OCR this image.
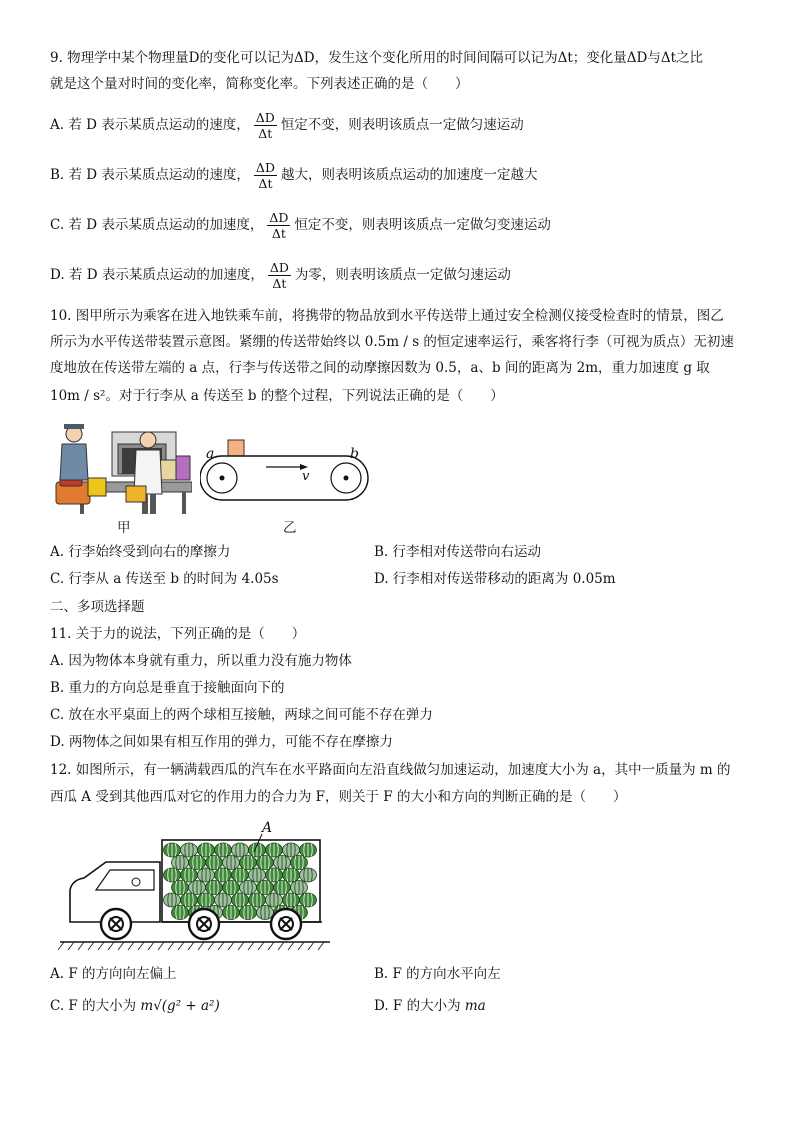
9. 物理学中某个物理量D的变化可以记为ΔD，发生这个变化所用的时间间隔可以记为Δt；变化量ΔD与Δt之比
就是这个量对时间的变化率，简称变化率。下列表述正确的是（　　）
A. 若 D 表示某质点运动的速度， $\frac{\Delta D}{\Delta t}$ 恒定不变，则表明该质点一定做匀速运动
B. 若 D 表示某质点运动的速度， $\frac{\Delta D}{\Delta t}$ 越大，则表明该质点运动的加速度一定越大
C. 若 D 表示某质点运动的加速度， $\frac{\Delta D}{\Delta t}$ 恒定不变，则表明该质点一定做匀变速运动
D. 若 D 表示某质点运动的加速度， $\frac{\Delta D}{\Delta t}$ 为零，则表明该质点一定做匀速运动
10. 图甲所示为乘客在进入地铁乘车前，将携带的物品放到水平传送带上通过安全检测仪接受检查时的情景，图乙
所示为水平传送带装置示意图。紧绷的传送带始终以 0.5m / s 的恒定速率运行，乘客将行李（可视为质点）无初速
度地放在传送带左端的 a 点，行李与传送带之间的动摩擦因数为 0.5，a、b 间的距离为 2m，重力加速度 g 取
10m / s²。对于行李从 a 传送至 b 的整个过程，下列说法正确的是（　　）
甲
v
a	b
乙
A. 行李始终受到向右的摩擦力	B. 行李相对传送带向右运动
C. 行李从 a 传送至 b 的时间为 4.05s	D. 行李相对传送带移动的距离为 0.05m
二、多项选择题
11. 关于力的说法，下列正确的是（　　）
A. 因为物体本身就有重力，所以重力没有施力物体
B. 重力的方向总是垂直于接触面向下的
C. 放在水平桌面上的两个球相互接触，两球之间可能不存在弹力
D. 两物体之间如果有相互作用的弹力，可能不存在摩擦力
12. 如图所示，有一辆满载西瓜的汽车在水平路面向左沿直线做匀加速运动，加速度大小为 a，其中一质量为 m 的
西瓜 A 受到其他西瓜对它的作用力的合力为 F，则关于 F 的大小和方向的判断正确的是（　　）
A
A. F 的方向向左偏上	B. F 的方向水平向左
C. F 的大小为 m√(g² + a²)	D. F 的大小为 ma
